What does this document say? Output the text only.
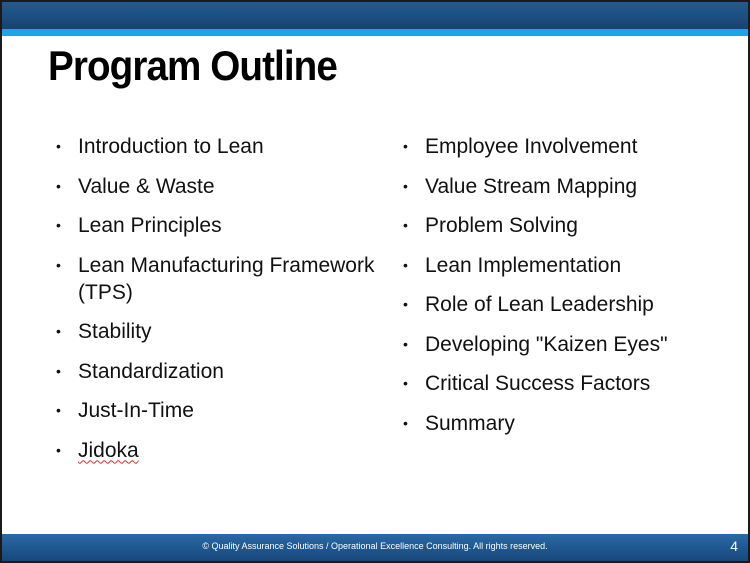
Program Outline
• Introduction to Lean
• Value & Waste
• Lean Principles
• Lean Manufacturing Framework (TPS)
• Stability
• Standardization
• Just-In-Time
• Jidoka
• Employee Involvement
• Value Stream Mapping
• Problem Solving
• Lean Implementation
• Role of Lean Leadership
• Developing "Kaizen Eyes"
• Critical Success Factors
• Summary
© Quality Assurance Solutions / Operational Excellence Consulting. All rights reserved.	4
